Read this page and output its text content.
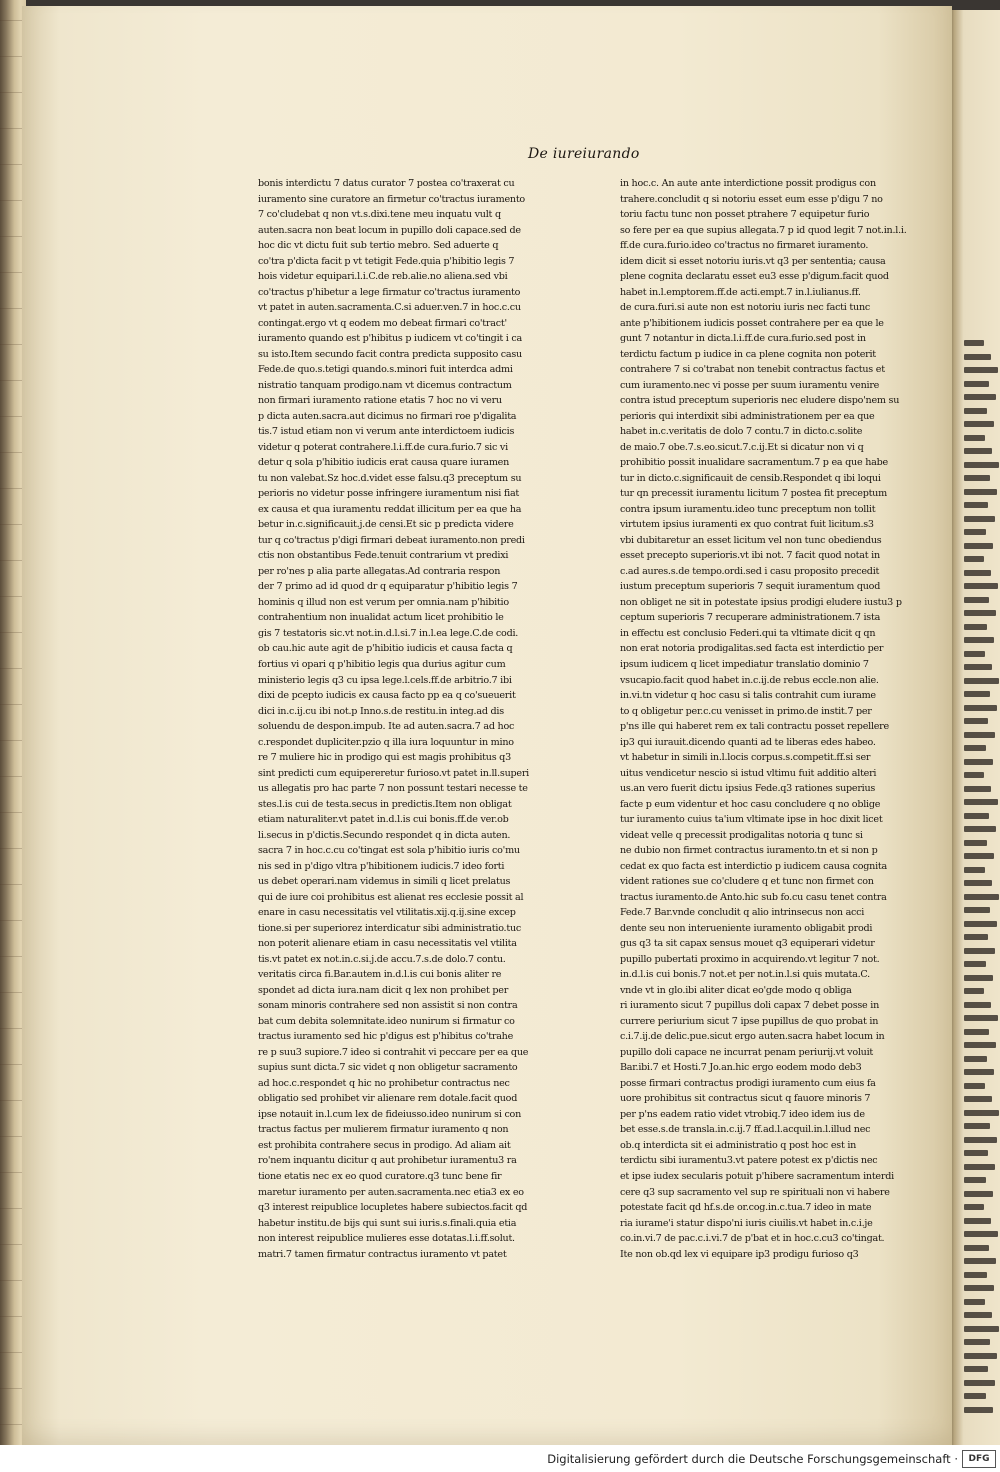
De iureiurando
bonis interdictu 7 datus curator 7 postea co'traxerat cu
iuramento sine curatore an firmetur co'tractus iuramento
7 co'cludebat q non vt.s.dixi.tene meu inquatu vult q
auten.sacra non beat locum in pupillo doli capace.sed de
hoc dic vt dictu fuit sub tertio mebro. Sed aduerte q
co'tra p'dicta facit p vt tetigit Fede.quia p'hibitio legis 7
hois videtur equipari.l.i.C.de reb.alie.no aliena.sed vbi
co'tractus p'hibetur a lege firmatur co'tractus iuramento
vt patet in auten.sacramenta.C.si aduer.ven.7 in hoc.c.cu
contingat.ergo vt q eodem mo debeat firmari co'tract'
iuramento quando est p'hibitus p iudicem vt co'tingit i ca
su isto.Item secundo facit contra predicta supposito casu
Fede.de quo.s.tetigi quando.s.minori fuit interdca admi
nistratio tanquam prodigo.nam vt dicemus contractum
non firmari iuramento ratione etatis 7 hoc no vi veru
p dicta auten.sacra.aut dicimus no firmari roe p'digalita
tis.7 istud etiam non vi verum ante interdictoem iudicis
videtur q poterat contrahere.l.i.ff.de cura.furio.7 sic vi
detur q sola p'hibitio iudicis erat causa quare iuramen
tu non valebat.Sz hoc.d.videt esse falsu.q3 preceptum su
perioris no videtur posse infringere iuramentum nisi fiat
ex causa et qua iuramentu reddat illicitum per ea que ha
betur in.c.significauit.j.de censi.Et sic p predicta videre
tur q co'tractus p'digi firmari debeat iuramento.non predi
ctis non obstantibus Fede.tenuit contrarium vt predixi
per ro'nes p alia parte allegatas.Ad contraria respon
der 7 primo ad id quod dr q equiparatur p'hibitio legis 7
hominis q illud non est verum per omnia.nam p'hibitio
contrahentium non inualidat actum licet prohibitio le
gis 7 testatoris sic.vt not.in.d.l.si.7 in.l.ea lege.C.de codi.
ob cau.hic aute agit de p'hibitio iudicis et causa facta q
fortius vi opari q p'hibitio legis qua durius agitur cum
ministerio legis q3 cu ipsa lege.l.cels.ff.de arbitrio.7 ibi
dixi de pcepto iudicis ex causa facto pp ea q co'sueuerit
dici in.c.ij.cu ibi not.p Inno.s.de restitu.in integ.ad dis
soluendu de despon.impub. Ite ad auten.sacra.7 ad hoc
c.respondet dupliciter.pzio q illa iura loquuntur in mino
re 7 muliere hic in prodigo qui est magis prohibitus q3
sint predicti cum equipereretur furioso.vt patet in.ll.superi
us allegatis pro hac parte 7 non possunt testari necesse te
stes.l.is cui de testa.secus in predictis.Item non obligat
etiam naturaliter.vt patet in.d.l.is cui bonis.ff.de ver.ob
li.secus in p'dictis.Secundo respondet q in dicta auten.
sacra 7 in hoc.c.cu co'tingat est sola p'hibitio iuris co'mu
nis sed in p'digo vltra p'hibitionem iudicis.7 ideo forti
us debet operari.nam videmus in simili q licet prelatus
qui de iure coi prohibitus est alienat res ecclesie possit al
enare in casu necessitatis vel vtilitatis.xij.q.ij.sine excep
tione.si per superiorez interdicatur sibi administratio.tuc
non poterit alienare etiam in casu necessitatis vel vtilita
tis.vt patet ex not.in.c.si.j.de accu.7.s.de dolo.7 contu.
veritatis circa fi.Bar.autem in.d.l.is cui bonis aliter re
spondet ad dicta iura.nam dicit q lex non prohibet per
sonam minoris contrahere sed non assistit si non contra
bat cum debita solemnitate.ideo nunirum si firmatur co
tractus iuramento sed hic p'digus est p'hibitus co'trahe
re p suu3 supiore.7 ideo si contrahit vi peccare per ea que
supius sunt dicta.7 sic videt q non obligetur sacramento
ad hoc.c.respondet q hic no prohibetur contractus nec
obligatio sed prohibet vir alienare rem dotale.facit quod
ipse notauit in.l.cum lex de fideiusso.ideo nunirum si con
tractus factus per mulierem firmatur iuramento q non
est prohibita contrahere secus in prodigo. Ad aliam ait
ro'nem inquantu dicitur q aut prohibetur iuramentu3 ra
tione etatis nec ex eo quod curatore.q3 tunc bene fir
maretur iuramento per auten.sacramenta.nec etia3 ex eo
q3 interest reipublice locupletes habere subiectos.facit qd
habetur institu.de bijs qui sunt sui iuris.s.finali.quia etia
non interest reipublice mulieres esse dotatas.l.i.ff.solut.
matri.7 tamen firmatur contractus iuramento vt patet
in hoc.c. An aute ante interdictione possit prodigus con
trahere.concludit q si notoriu esset eum esse p'digu 7 no
toriu factu tunc non posset ptrahere 7 equipetur furio
so fere per ea que supius allegata.7 p id quod legit 7 not.in.l.i.
ff.de cura.furio.ideo co'tractus no firmaret iuramento.
idem dicit si esset notoriu iuris.vt q3 per sententia; causa
plene cognita declaratu esset eu3 esse p'digum.facit quod
habet in.l.emptorem.ff.de acti.empt.7 in.l.iulianus.ff.
de cura.furi.si aute non est notoriu iuris nec facti tunc
ante p'hibitionem iudicis posset contrahere per ea que le
gunt 7 notantur in dicta.l.i.ff.de cura.furio.sed post in
terdictu factum p iudice in ca plene cognita non poterit
contrahere 7 si co'trabat non tenebit contractus factus et
cum iuramento.nec vi posse per suum iuramentu venire
contra istud preceptum superioris nec eludere dispo'nem su
perioris qui interdixit sibi administrationem per ea que
habet in.c.veritatis de dolo 7 contu.7 in dicto.c.solite
de maio.7 obe.7.s.eo.sicut.7.c.ij.Et si dicatur non vi q
prohibitio possit inualidare sacramentum.7 p ea que habe
tur in dicto.c.significauit de censib.Respondet q ibi loqui
tur qn precessit iuramentu licitum 7 postea fit preceptum
contra ipsum iuramentu.ideo tunc preceptum non tollit
virtutem ipsius iuramenti ex quo contrat fuit licitum.s3
vbi dubitaretur an esset licitum vel non tunc obediendus
esset precepto superioris.vt ibi not. 7 facit quod notat in
c.ad aures.s.de tempo.ordi.sed i casu proposito precedit
iustum preceptum superioris 7 sequit iuramentum quod
non obliget ne sit in potestate ipsius prodigi eludere iustu3 p
ceptum superioris 7 recuperare administrationem.7 ista
in effectu est conclusio Federi.qui ta vltimate dicit q qn
non erat notoria prodigalitas.sed facta est interdictio per
ipsum iudicem q licet impediatur translatio dominio 7
vsucapio.facit quod habet in.c.ij.de rebus eccle.non alie.
in.vi.tn videtur q hoc casu si talis contrahit cum iurame
to q obligetur per.c.cu venisset in primo.de instit.7 per
p'ns ille qui haberet rem ex tali contractu posset repellere
ip3 qui iurauit.dicendo quanti ad te liberas edes habeo.
vt habetur in simili in.l.locis corpus.s.competit.ff.si ser
uitus vendicetur nescio si istud vltimu fuit additio alteri
us.an vero fuerit dictu ipsius Fede.q3 rationes superius
facte p eum videntur et hoc casu concludere q no oblige
tur iuramento cuius ta'ium vltimate ipse in hoc dixit licet
videat velle q precessit prodigalitas notoria q tunc si
ne dubio non firmet contractus iuramento.tn et si non p
cedat ex quo facta est interdictio p iudicem causa cognita
vident rationes sue co'cludere q et tunc non firmet con
tractus iuramento.de Anto.hic sub fo.cu casu tenet contra
Fede.7 Bar.vnde concludit q alio intrinsecus non acci
dente seu non interueniente iuramento obligabit prodi
gus q3 ta sit capax sensus mouet q3 equiperari videtur
pupillo pubertati proximo in acquirendo.vt legitur 7 not.
in.d.l.is cui bonis.7 not.et per not.in.l.si quis mutata.C.
vnde vt in glo.ibi aliter dicat eo'gde modo q obliga
ri iuramento sicut 7 pupillus doli capax 7 debet posse in
currere periurium sicut 7 ipse pupillus de quo probat in
c.i.7.ij.de delic.pue.sicut ergo auten.sacra habet locum in
pupillo doli capace ne incurrat penam periurij.vt voluit
Bar.ibi.7 et Hosti.7 Jo.an.hic ergo eodem modo deb3
posse firmari contractus prodigi iuramento cum eius fa
uore prohibitus sit contractus sicut q fauore minoris 7
per p'ns eadem ratio videt vtrobiq.7 ideo idem ius de
bet esse.s.de transla.in.c.ij.7 ff.ad.l.acquil.in.l.illud nec
ob.q interdicta sit ei administratio q post hoc est in
terdictu sibi iuramentu3.vt patere potest ex p'dictis nec
et ipse iudex secularis potuit p'hibere sacramentum interdi
cere q3 sup sacramento vel sup re spirituali non vi habere
potestate facit qd hf.s.de or.cog.in.c.tua.7 ideo in mate
ria iurame'i statur dispo'ni iuris ciuilis.vt habet in.c.i.je
co.in.vi.7 de pac.c.i.vi.7 de p'bat et in hoc.c.cu3 co'tingat.
Ite non ob.qd lex vi equipare ip3 prodigu furioso q3
Digitalisierung gefördert durch die Deutsche Forschungsgemeinschaft ·	DFG
